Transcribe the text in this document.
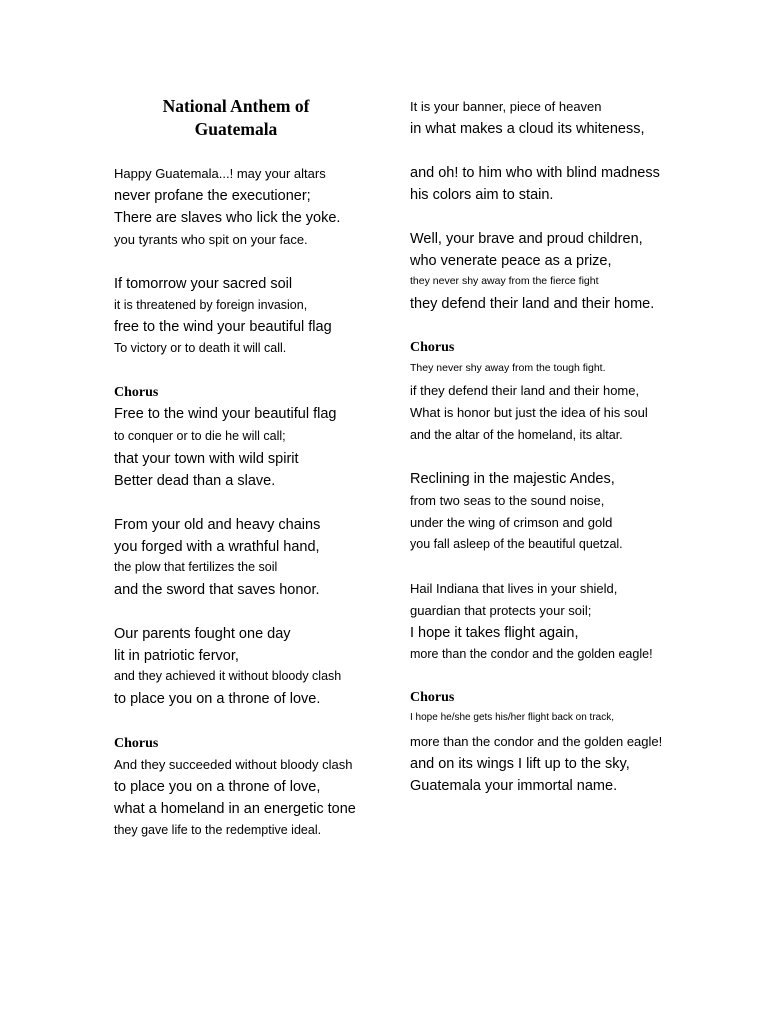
National Anthem of
Guatemala
Happy Guatemala...! may your altars
never profane the executioner;
There are slaves who lick the yoke.
you tyrants who spit on your face.
If tomorrow your sacred soil
it is threatened by foreign invasion,
free to the wind your beautiful flag
To victory or to death it will call.
Chorus
Free to the wind your beautiful flag
to conquer or to die he will call;
that your town with wild spirit
Better dead than a slave.
From your old and heavy chains
you forged with a wrathful hand,
the plow that fertilizes the soil
and the sword that saves honor.
Our parents fought one day
lit in patriotic fervor,
and they achieved it without bloody clash
to place you on a throne of love.
Chorus
And they succeeded without bloody clash
to place you on a throne of love,
what a homeland in an energetic tone
they gave life to the redemptive ideal.
It is your banner, piece of heaven
in what makes a cloud its whiteness,
and oh! to him who with blind madness
his colors aim to stain.
Well, your brave and proud children,
who venerate peace as a prize,
they never shy away from the fierce fight
they defend their land and their home.
Chorus
They never shy away from the tough fight.
if they defend their land and their home,
What is honor but just the idea of his soul
and the altar of the homeland, its altar.
Reclining in the majestic Andes,
from two seas to the sound noise,
under the wing of crimson and gold
you fall asleep of the beautiful quetzal.
Hail Indiana that lives in your shield,
guardian that protects your soil;
I hope it takes flight again,
more than the condor and the golden eagle!
Chorus
I hope he/she gets his/her flight back on track,
more than the condor and the golden eagle!
and on its wings I lift up to the sky,
Guatemala your immortal name.
